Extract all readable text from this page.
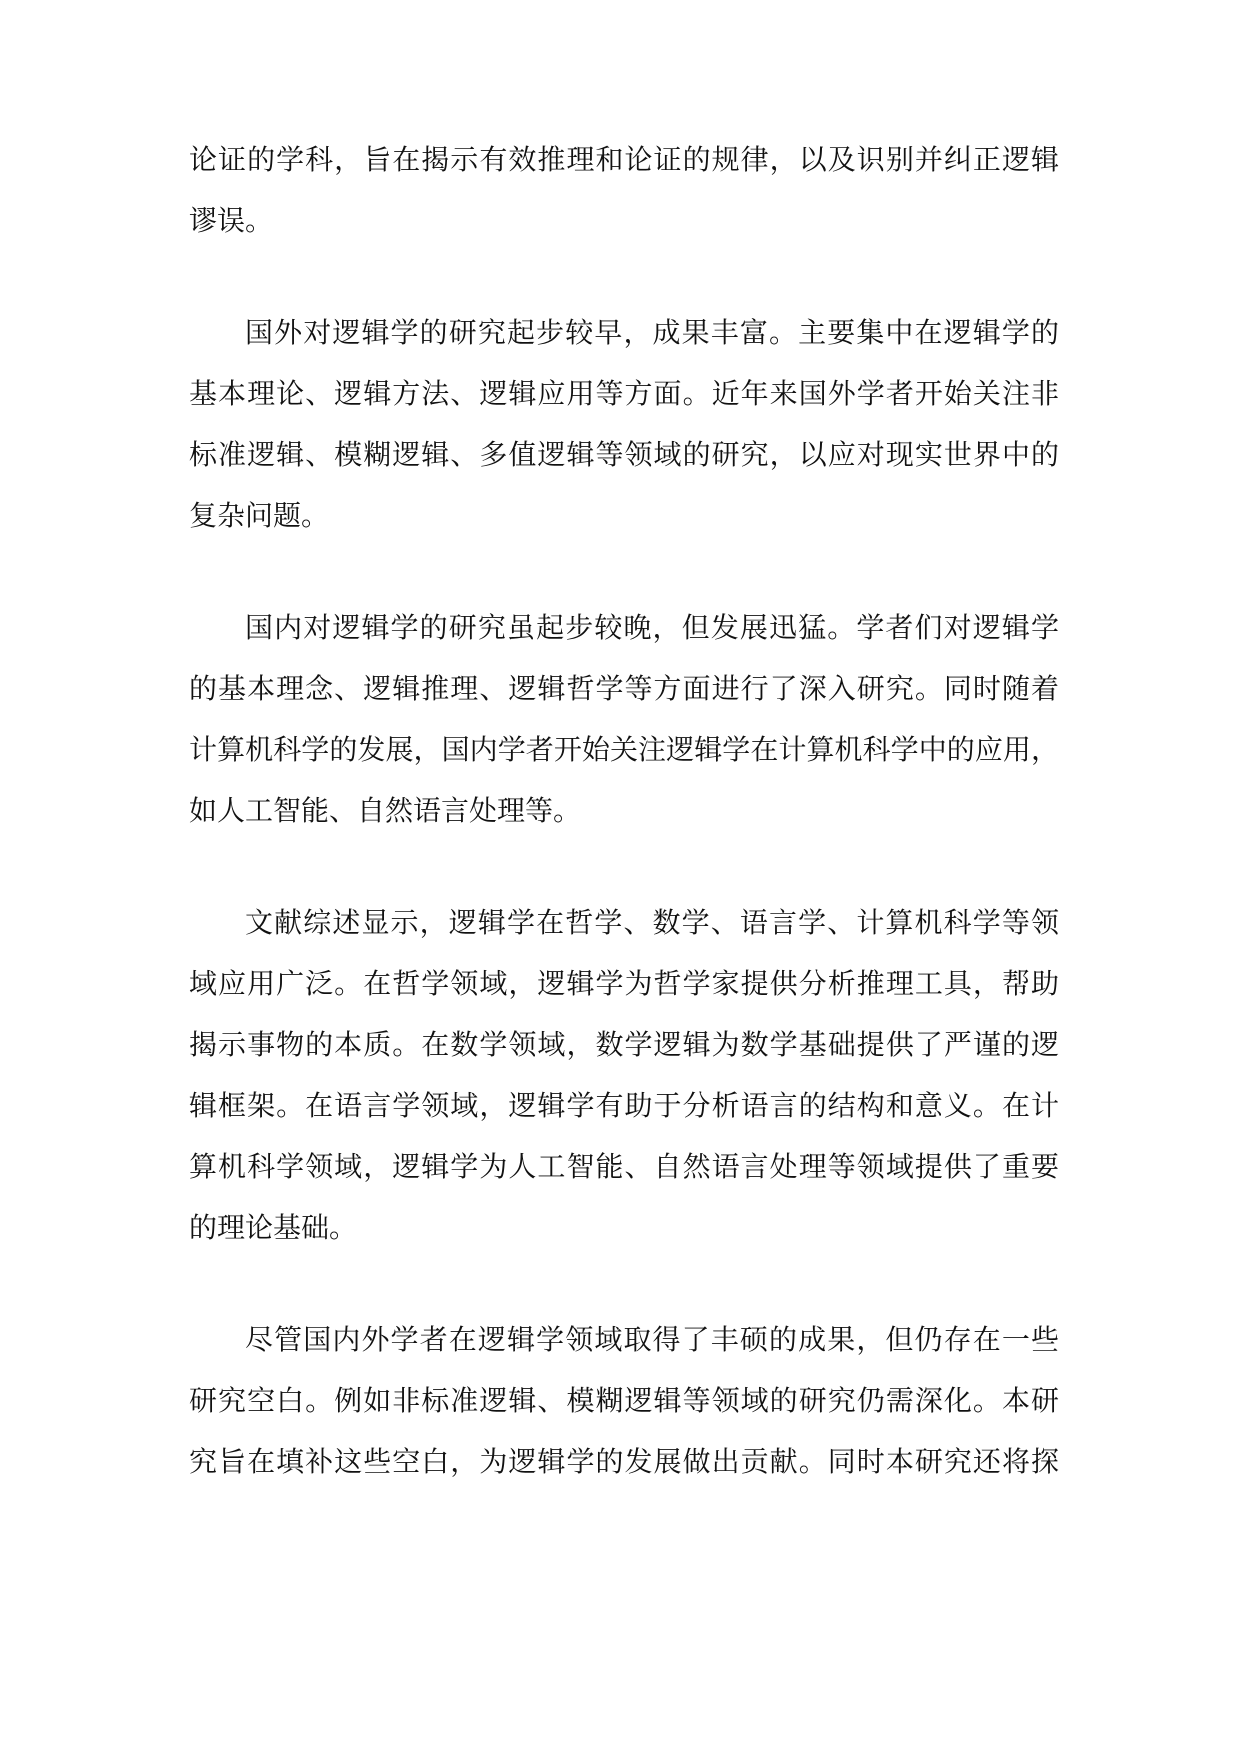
论证的学科，旨在揭示有效推理和论证的规律，以及识别并纠正逻辑
谬误。
国外对逻辑学的研究起步较早，成果丰富。主要集中在逻辑学的
基本理论、逻辑方法、逻辑应用等方面。近年来国外学者开始关注非
标准逻辑、模糊逻辑、多值逻辑等领域的研究，以应对现实世界中的
复杂问题。
国内对逻辑学的研究虽起步较晚，但发展迅猛。学者们对逻辑学
的基本理念、逻辑推理、逻辑哲学等方面进行了深入研究。同时随着
计算机科学的发展，国内学者开始关注逻辑学在计算机科学中的应用，
如人工智能、自然语言处理等。
文献综述显示，逻辑学在哲学、数学、语言学、计算机科学等领
域应用广泛。在哲学领域，逻辑学为哲学家提供分析推理工具，帮助
揭示事物的本质。在数学领域，数学逻辑为数学基础提供了严谨的逻
辑框架。在语言学领域，逻辑学有助于分析语言的结构和意义。在计
算机科学领域，逻辑学为人工智能、自然语言处理等领域提供了重要
的理论基础。
尽管国内外学者在逻辑学领域取得了丰硕的成果，但仍存在一些
研究空白。例如非标准逻辑、模糊逻辑等领域的研究仍需深化。本研
究旨在填补这些空白，为逻辑学的发展做出贡献。同时本研究还将探
